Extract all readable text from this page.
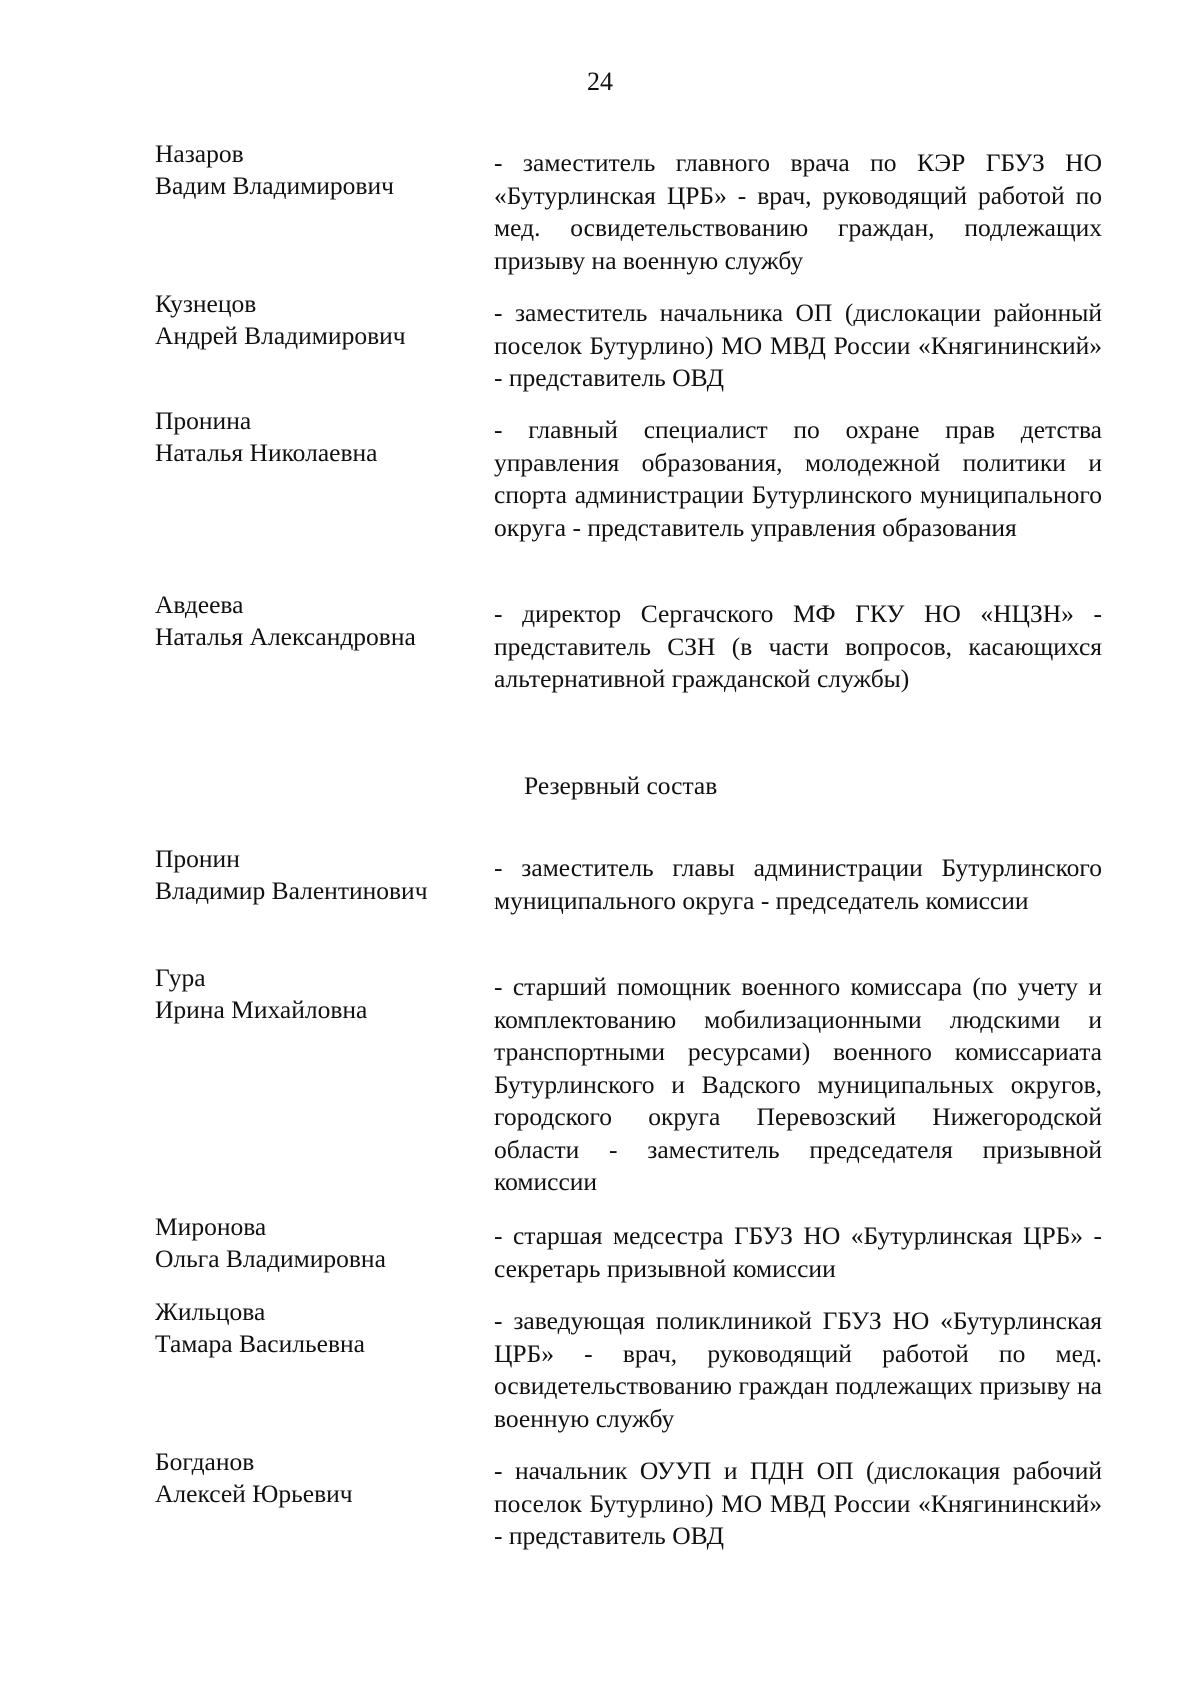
24
Назаров
Вадим Владимирович
- заместитель главного врача по КЭР ГБУЗ НО «Бутурлинская ЦРБ» - врач, руководящий работой по мед. освидетельствованию граждан, подлежащих призыву на военную службу
Кузнецов
Андрей Владимирович
- заместитель начальника ОП (дислокации районный поселок Бутурлино) МО МВД России «Княгининский» - представитель ОВД
Пронина
Наталья Николаевна
- главный специалист по охране прав детства управления образования, молодежной политики и спорта администрации Бутурлинского муниципального округа - представитель управления образования
Авдеева
Наталья Александровна
- директор Сергачского МФ ГКУ НО «НЦЗН» - представитель СЗН (в части вопросов, касающихся альтернативной гражданской службы)
Резервный состав
Пронин
Владимир Валентинович
- заместитель главы администрации Бутурлинского муниципального округа - председатель комиссии
Гура
Ирина Михайловна
- старший помощник военного комиссара (по учету и комплектованию мобилизационными людскими и транспортными ресурсами) военного комиссариата Бутурлинского и Вадского муниципальных округов, городского округа Перевозский Нижегородской области - заместитель председателя призывной комиссии
Миронова
Ольга Владимировна
- старшая медсестра ГБУЗ НО «Бутурлинская ЦРБ» - секретарь призывной комиссии
Жильцова
Тамара Васильевна
- заведующая поликлиникой ГБУЗ НО «Бутурлинская ЦРБ» - врач, руководящий работой по мед. освидетельствованию граждан подлежащих призыву на военную службу
Богданов
Алексей Юрьевич
- начальник ОУУП и ПДН ОП (дислокация рабочий поселок Бутурлино) МО МВД России «Княгининский» - представитель ОВД
